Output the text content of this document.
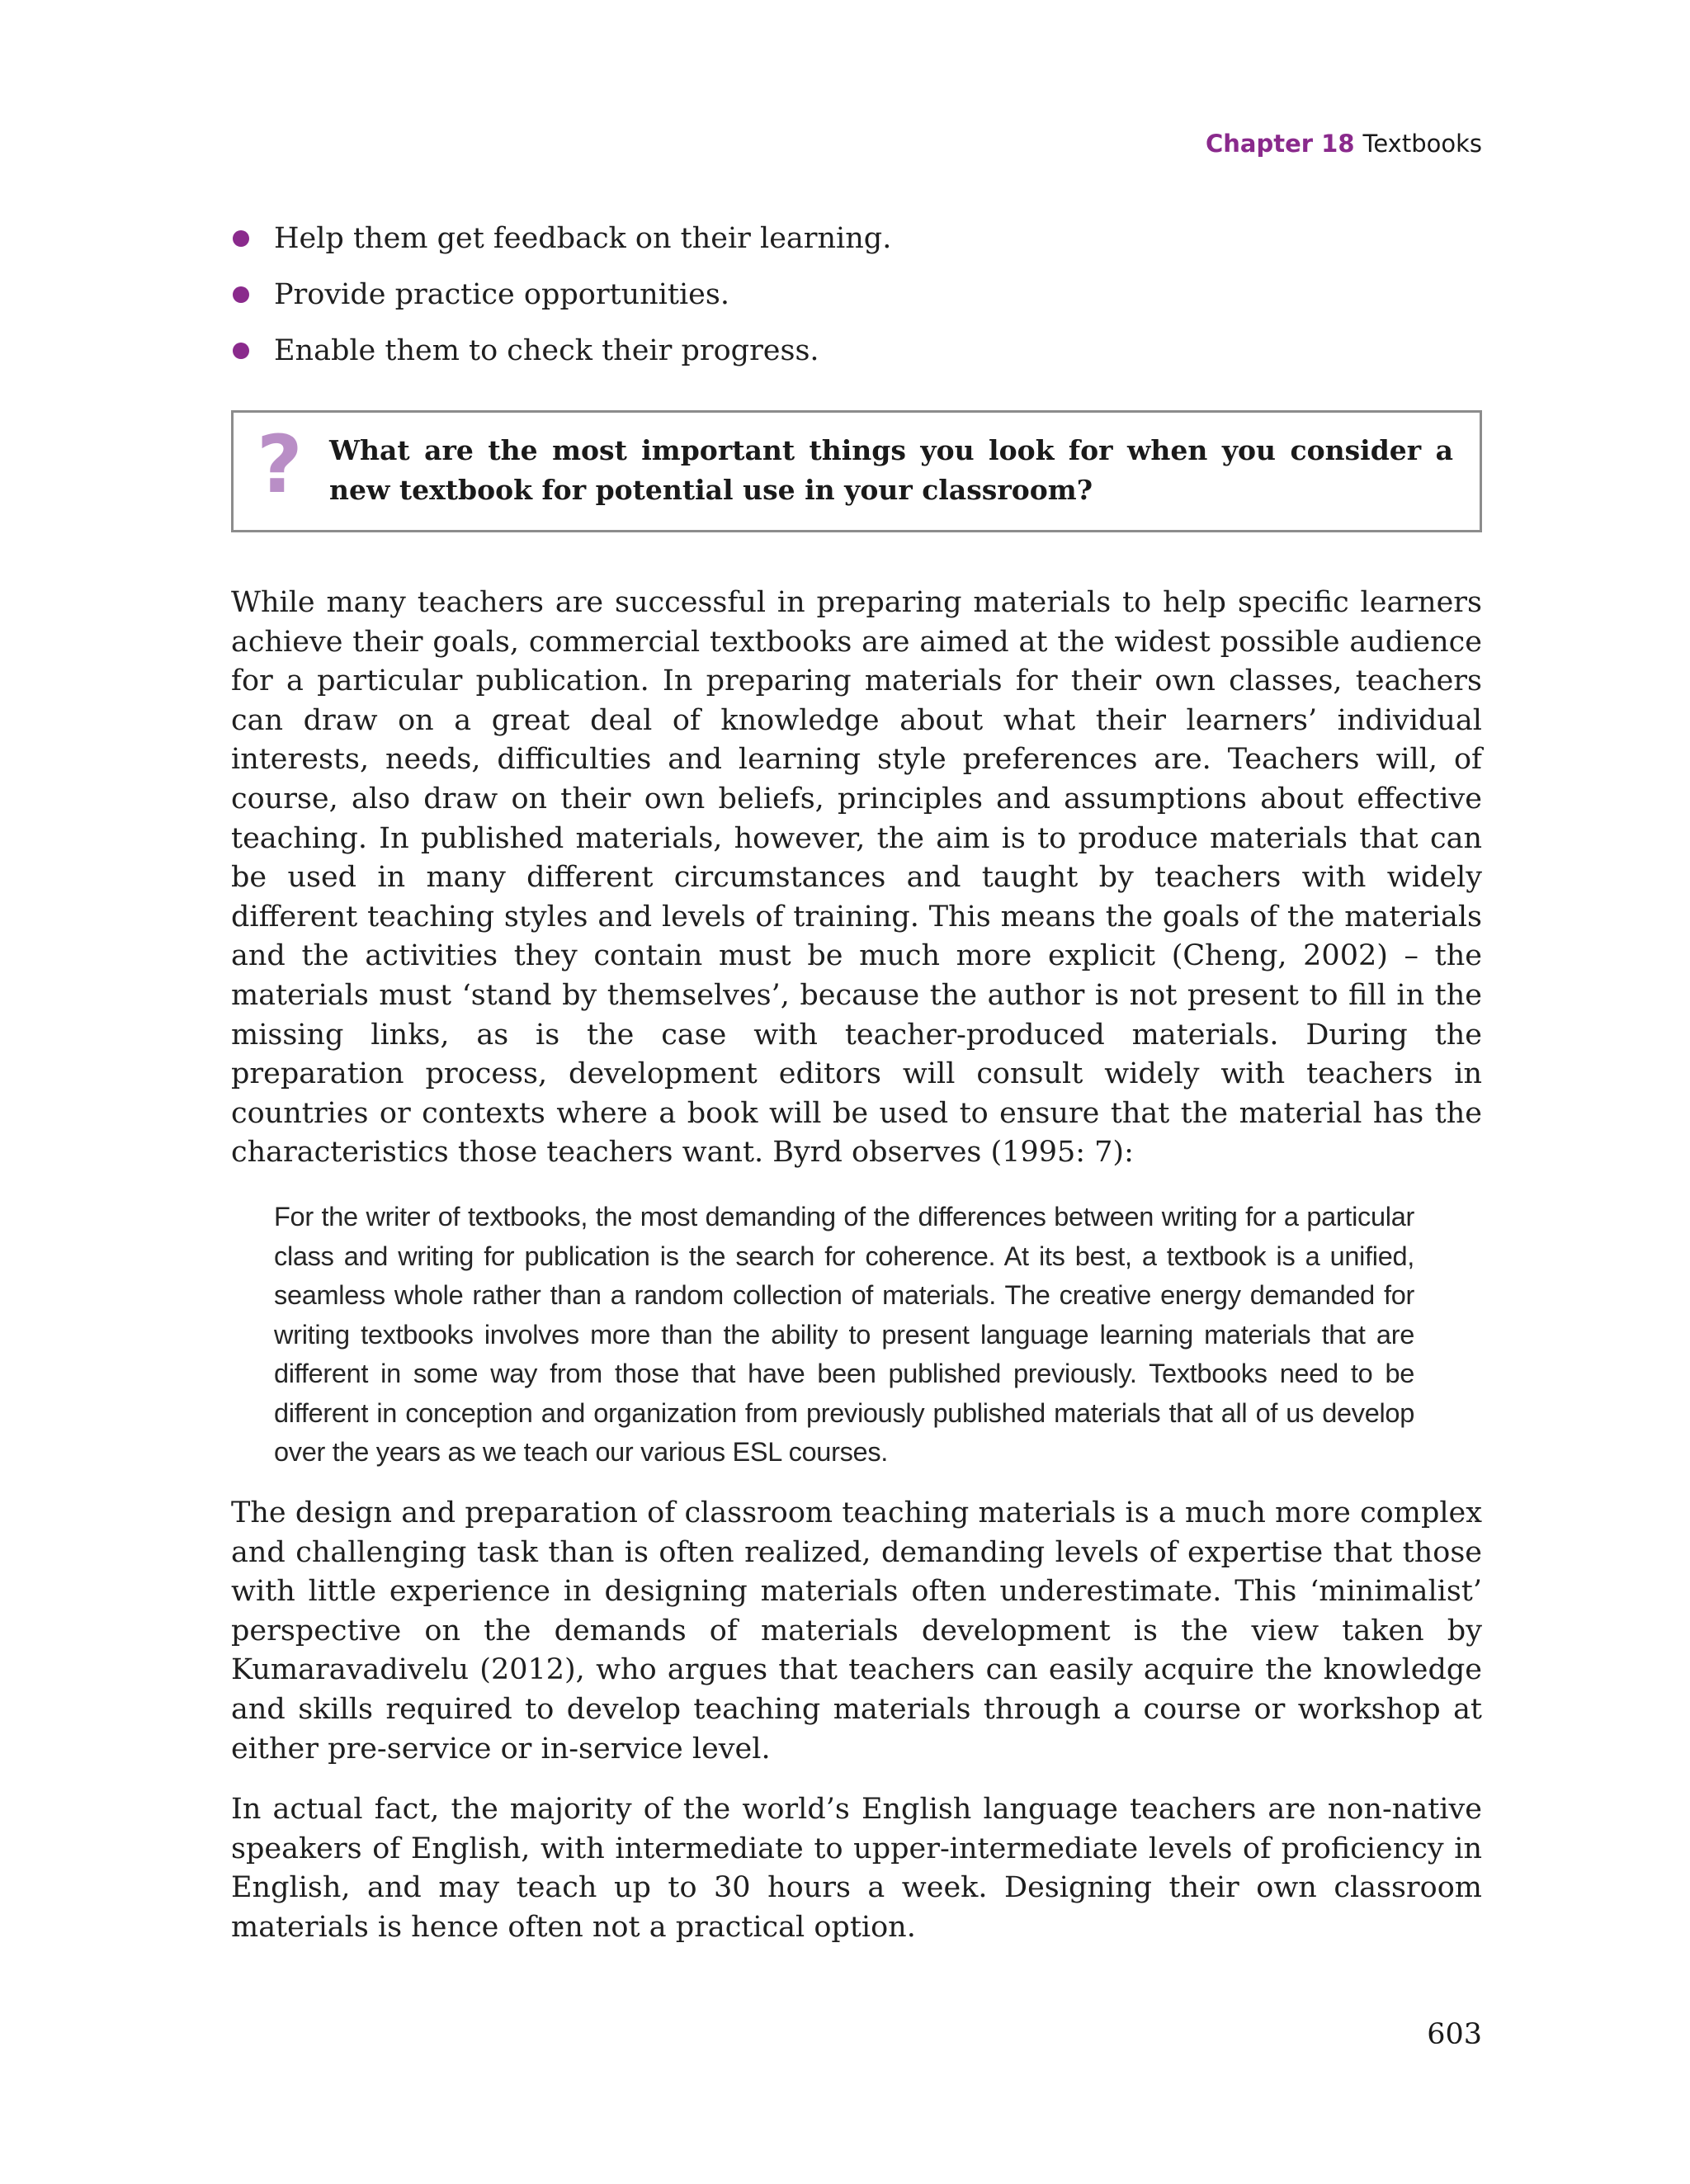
Chapter 18 Textbooks
Help them get feedback on their learning.
Provide practice opportunities.
Enable them to check their progress.
? What are the most important things you look for when you consider a new textbook for potential use in your classroom?

While many teachers are successful in preparing materials to help specific learners achieve their goals, commercial textbooks are aimed at the widest possible audience for a particular publication. In preparing materials for their own classes, teachers can draw on a great deal of knowledge about what their learners’ individual interests, needs, difficulties and learning style preferences are. Teachers will, of course, also draw on their own beliefs, principles and assumptions about effective teaching. In published materials, however, the aim is to produce materials that can be used in many different circumstances and taught by teachers with widely different teaching styles and levels of training. This means the goals of the materials and the activities they contain must be much more explicit (Cheng, 2002) – the materials must ‘stand by themselves’, because the author is not present to fill in the missing links, as is the case with teacher-produced materials. During the preparation process, development editors will consult widely with teachers in countries or contexts where a book will be used to ensure that the material has the characteristics those teachers want. Byrd observes (1995: 7):

For the writer of textbooks, the most demanding of the differences between writing for a particular class and writing for publication is the search for coherence. At its best, a textbook is a unified, seamless whole rather than a random collection of materials. The creative energy demanded for writing textbooks involves more than the ability to present language learning materials that are different in some way from those that have been published previously. Textbooks need to be different in conception and organization from previously published materials that all of us develop over the years as we teach our various ESL courses.

The design and preparation of classroom teaching materials is a much more complex and challenging task than is often realized, demanding levels of expertise that those with little experience in designing materials often underestimate. This ‘minimalist’ perspective on the demands of materials development is the view taken by Kumaravadivelu (2012), who argues that teachers can easily acquire the knowledge and skills required to develop teaching materials through a course or workshop at either pre-service or in-service level.

In actual fact, the majority of the world’s English language teachers are non-native speakers of English, with intermediate to upper-intermediate levels of proficiency in English, and may teach up to 30 hours a week. Designing their own classroom materials is hence often not a practical option.

603
